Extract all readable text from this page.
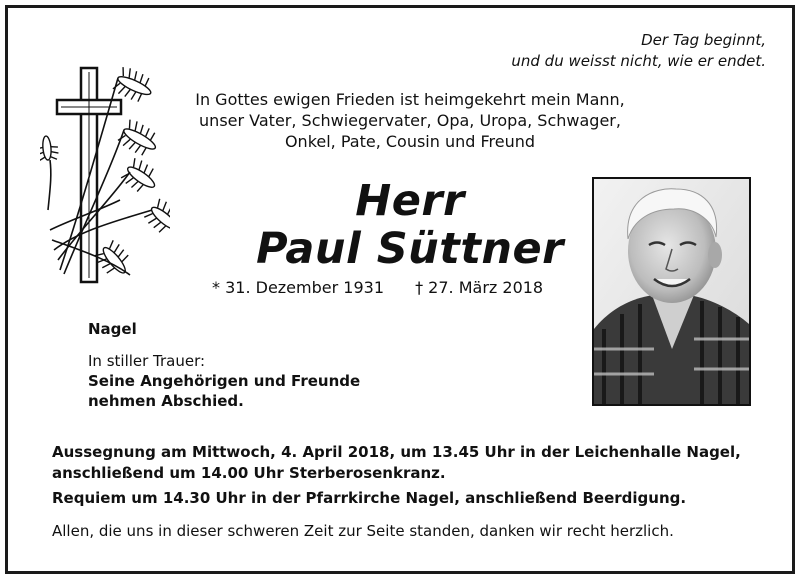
Der Tag beginnt,
und du weisst nicht, wie er endet.
In Gottes ewigen Frieden ist heimgekehrt mein Mann,
unser Vater, Schwiegervater, Opa, Uropa, Schwager,
Onkel, Pate, Cousin und Freund
Herr
Paul Süttner
* 31. Dezember 1931 † 27. März 2018
Nagel
In stiller Trauer:
Seine Angehörigen und Freunde
nehmen Abschied.
Aussegnung am Mittwoch, 4. April 2018, um 13.45 Uhr in der Leichenhalle Nagel,
anschließend um 14.00 Uhr Sterberosenkranz.
Requiem um 14.30 Uhr in der Pfarrkirche Nagel, anschließend Beerdigung.
Allen, die uns in dieser schweren Zeit zur Seite standen, danken wir recht herzlich.
